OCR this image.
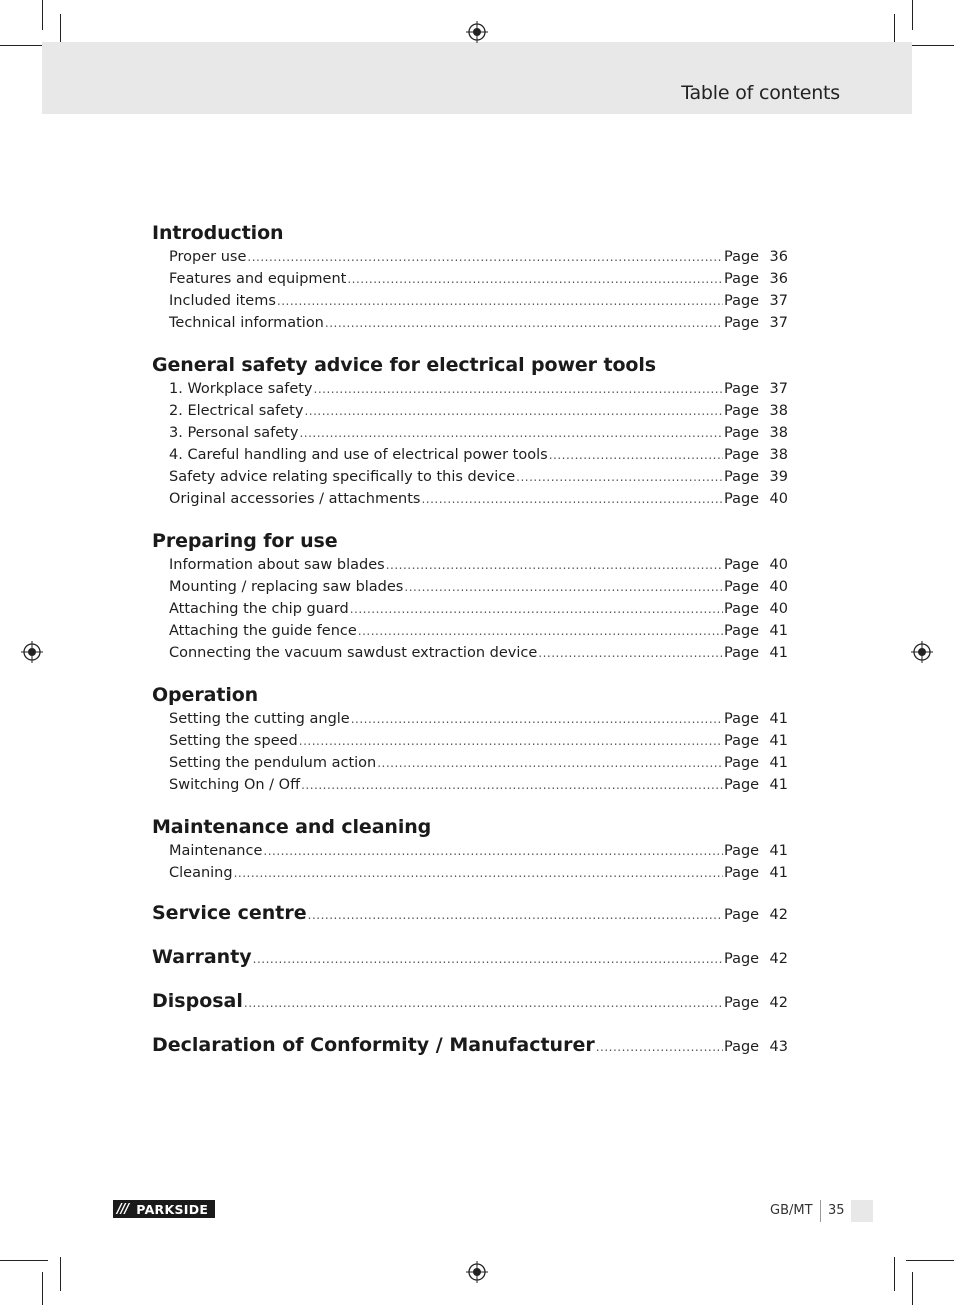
Table of contents
Introduction
Proper use .....	Page 36
Features and equipment .....	Page 36
Included items .....	Page 37
Technical information .....	Page 37
General safety advice for electrical power tools
1. Workplace safety .....	Page 37
2. Electrical safety .....	Page 38
3. Personal safety .....	Page 38
4. Careful handling and use of electrical power tools .....	Page 38
Safety advice relating specifically to this device .....	Page 39
Original accessories / attachments .....	Page 40
Preparing for use
Information about saw blades .....	Page 40
Mounting / replacing saw blades .....	Page 40
Attaching the chip guard .....	Page 40
Attaching the guide fence .....	Page 41
Connecting the vacuum sawdust extraction device .....	Page 41
Operation
Setting the cutting angle .....	Page 41
Setting the speed .....	Page 41
Setting the pendulum action .....	Page 41
Switching On / Off .....	Page 41
Maintenance and cleaning
Maintenance .....	Page 41
Cleaning .....	Page 41
Service centre .....	Page 42
Warranty .....	Page 42
Disposal .....	Page 42
Declaration of Conformity / Manufacturer .....	Page 43
/// PARKSIDE	GB/MT 35
